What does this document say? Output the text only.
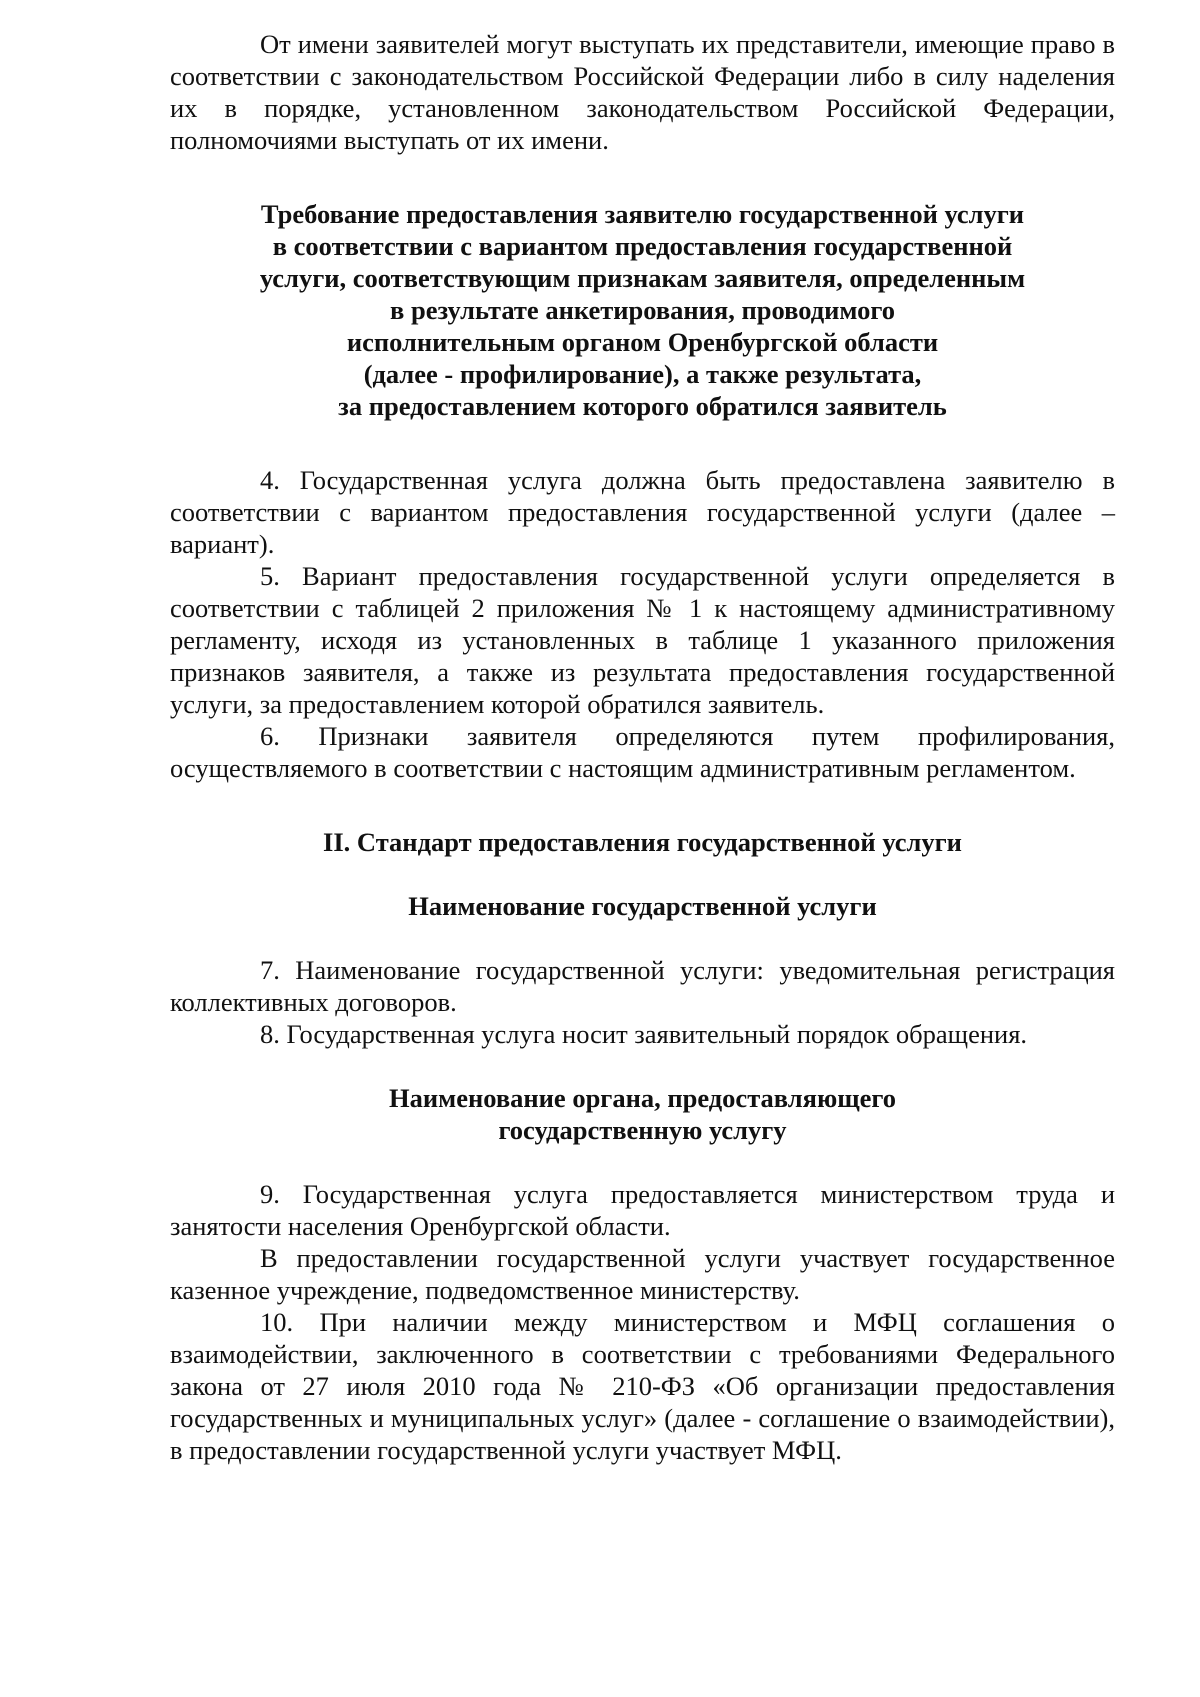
От имени заявителей могут выступать их представители, имеющие право в соответствии с законодательством Российской Федерации либо в силу наделения их в порядке, установленном законодательством Российской Федерации, полномочиями выступать от их имени.

Требование предоставления заявителю государственной услуги
в соответствии с вариантом предоставления государственной
услуги, соответствующим признакам заявителя, определенным
в результате анкетирования, проводимого
исполнительным органом Оренбургской области
(далее - профилирование), а также результата,
за предоставлением которого обратился заявитель

4. Государственная услуга должна быть предоставлена заявителю в соответствии с вариантом предоставления государственной услуги (далее – вариант).

5. Вариант предоставления государственной услуги определяется в соответствии с таблицей 2 приложения № 1 к настоящему административному регламенту, исходя из установленных в таблице 1 указанного приложения признаков заявителя, а также из результата предоставления государственной услуги, за предоставлением которой обратился заявитель.

6. Признаки заявителя определяются путем профилирования, осуществляемого в соответствии с настоящим административным регламентом.

II. Стандарт предоставления государственной услуги

Наименование государственной услуги

7. Наименование государственной услуги: уведомительная регистрация коллективных договоров.

8. Государственная услуга носит заявительный порядок обращения.

Наименование органа, предоставляющего
государственную услугу

9. Государственная услуга предоставляется министерством труда и занятости населения Оренбургской области.

В предоставлении государственной услуги участвует государственное казенное учреждение, подведомственное министерству.

10. При наличии между министерством и МФЦ соглашения о взаимодействии, заключенного в соответствии с требованиями Федерального закона от 27 июля 2010 года № 210-ФЗ «Об организации предоставления государственных и муниципальных услуг» (далее - соглашение о взаимодействии), в предоставлении государственной услуги участвует МФЦ.
